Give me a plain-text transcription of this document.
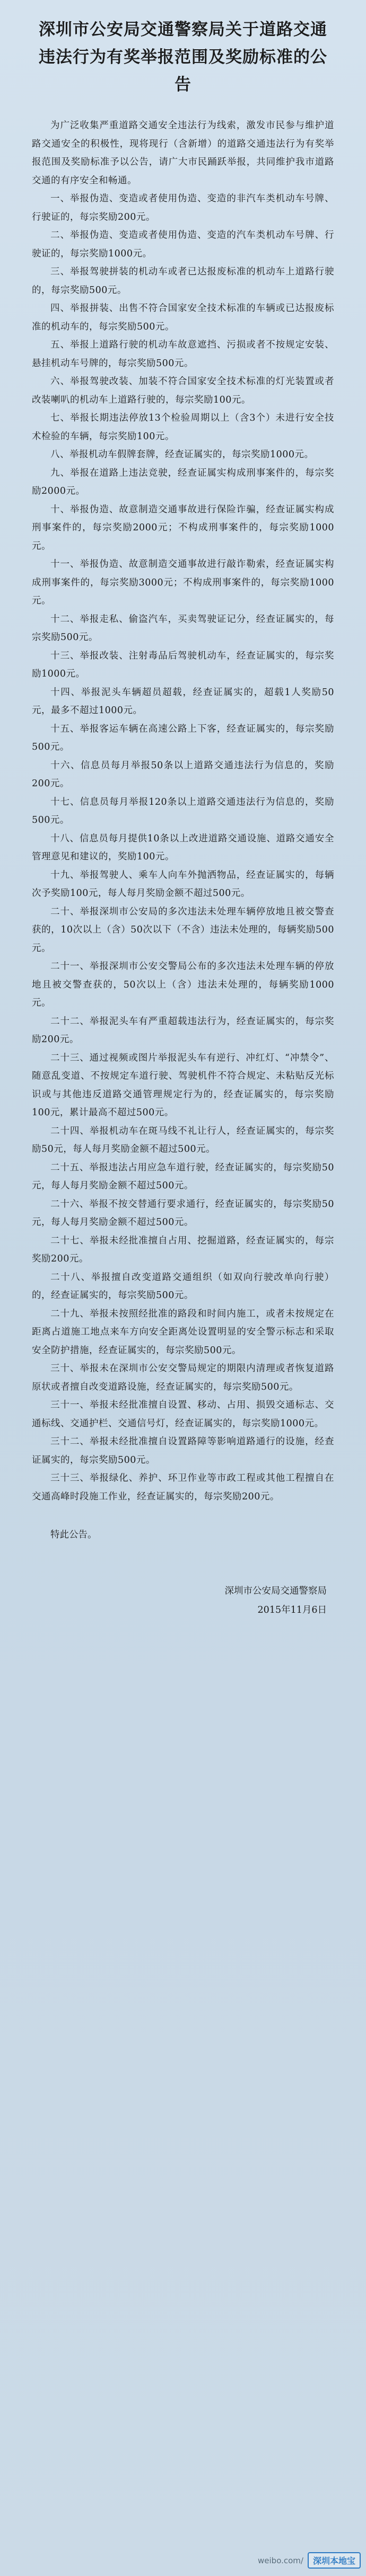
深圳市公安局交通警察局关于道路交通违法行为有奖举报范围及奖励标准的公告

为广泛收集严重道路交通安全违法行为线索，激发市民参与维护道路交通安全的积极性，现将现行（含新增）的道路交通违法行为有奖举报范围及奖励标准予以公告，请广大市民踊跃举报，共同维护我市道路交通的有序安全和畅通。

一、举报伪造、变造或者使用伪造、变造的非汽车类机动车号牌、行驶证的，每宗奖励200元。

二、举报伪造、变造或者使用伪造、变造的汽车类机动车号牌、行驶证的，每宗奖励1000元。

三、举报驾驶拼装的机动车或者已达报废标准的机动车上道路行驶的，每宗奖励500元。

四、举报拼装、出售不符合国家安全技术标准的车辆或已达报废标准的机动车的，每宗奖励500元。

五、举报上道路行驶的机动车故意遮挡、污损或者不按规定安装、悬挂机动车号牌的，每宗奖励500元。

六、举报驾驶改装、加装不符合国家安全技术标准的灯光装置或者改装喇叭的机动车上道路行驶的，每宗奖励100元。

七、举报长期违法停放13个检验周期以上（含3个）未进行安全技术检验的车辆，每宗奖励100元。

八、举报机动车假牌套牌，经查证属实的，每宗奖励1000元。

九、举报在道路上违法竞驶，经查证属实构成刑事案件的，每宗奖励2000元。

十、举报伪造、故意制造交通事故进行保险诈骗，经查证属实构成刑事案件的，每宗奖励2000元；不构成刑事案件的，每宗奖励1000元。

十一、举报伪造、故意制造交通事故进行敲诈勒索，经查证属实构成刑事案件的，每宗奖励3000元；不构成刑事案件的，每宗奖励1000元。

十二、举报走私、偷盗汽车，买卖驾驶证记分，经查证属实的，每宗奖励500元。

十三、举报改装、注射毒品后驾驶机动车，经查证属实的，每宗奖励1000元。

十四、举报泥头车辆超员超载，经查证属实的，超载1人奖励50元，最多不超过1000元。

十五、举报客运车辆在高速公路上下客，经查证属实的，每宗奖励500元。

十六、信息员每月举报50条以上道路交通违法行为信息的，奖励200元。

十七、信息员每月举报120条以上道路交通违法行为信息的，奖励500元。

十八、信息员每月提供10条以上改进道路交通设施、道路交通安全管理意见和建议的，奖励100元。

十九、举报驾驶人、乘车人向车外抛洒物品，经查证属实的，每辆次予奖励100元，每人每月奖励金额不超过500元。

二十、举报深圳市公安局的多次违法未处理车辆停放地且被交警查获的，10次以上（含）50次以下（不含）违法未处理的，每辆奖励500元。

二十一、举报深圳市公安交警局公布的多次违法未处理车辆的停放地且被交警查获的，50次以上（含）违法未处理的，每辆奖励1000元。

二十二、举报泥头车有严重超载违法行为，经查证属实的，每宗奖励200元。

二十三、通过视频或图片举报泥头车有逆行、冲红灯、“冲禁令”、随意乱变道、不按规定车道行驶、驾驶机件不符合规定、未粘贴反光标识或与其他违反道路交通管理规定行为的，经查证属实的，每宗奖励100元，累计最高不超过500元。

二十四、举报机动车在斑马线不礼让行人，经查证属实的，每宗奖励50元，每人每月奖励金额不超过500元。

二十五、举报违法占用应急车道行驶，经查证属实的，每宗奖励50元，每人每月奖励金额不超过500元。

二十六、举报不按交替通行要求通行，经查证属实的，每宗奖励50元，每人每月奖励金额不超过500元。

二十七、举报未经批准擅自占用、挖掘道路，经查证属实的，每宗奖励200元。

二十八、举报擅自改变道路交通组织（如双向行驶改单向行驶）的，经查证属实的，每宗奖励500元。

二十九、举报未按照经批准的路段和时间内施工，或者未按规定在距离占道施工地点来车方向安全距离处设置明显的安全警示标志和采取安全防护措施，经查证属实的，每宗奖励500元。

三十、举报未在深圳市公安交警局规定的期限内清理或者恢复道路原状或者擅自改变道路设施，经查证属实的，每宗奖励500元。

三十一、举报未经批准擅自设置、移动、占用、损毁交通标志、交通标线、交通护栏、交通信号灯，经查证属实的，每宗奖励1000元。

三十二、举报未经批准擅自设置路障等影响道路通行的设施，经查证属实的，每宗奖励500元。

三十三、举报绿化、养护、环卫作业等市政工程或其他工程擅自在交通高峰时段施工作业，经查证属实的，每宗奖励200元。

特此公告。

深圳市公安局交通警察局
2015年11月6日
weibo.com/	深圳本地宝
